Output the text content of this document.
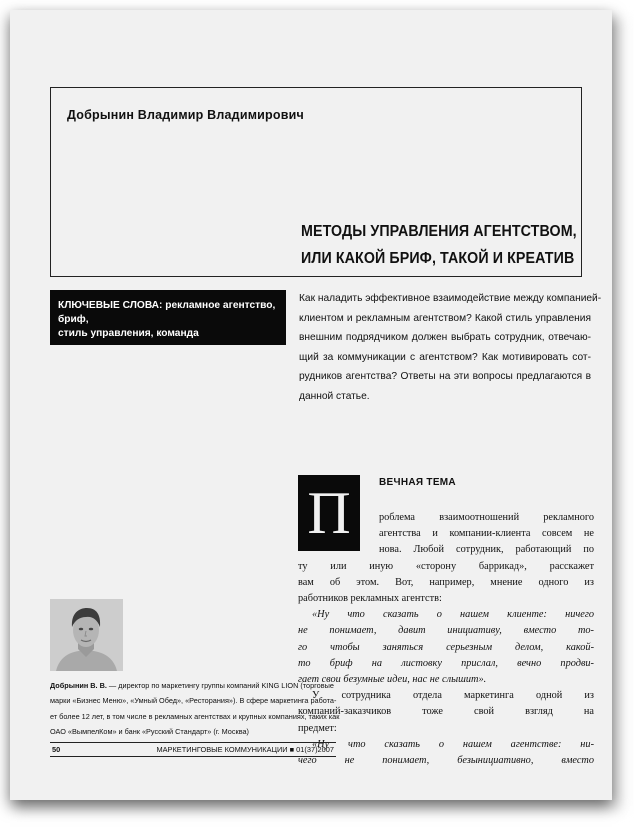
Добрынин Владимир Владимирович
МЕТОДЫ УПРАВЛЕНИЯ АГЕНТСТВОМ,
ИЛИ КАКОЙ БРИФ, ТАКОЙ И КРЕАТИВ
КЛЮЧЕВЫЕ СЛОВА: рекламное агентство, бриф,
стиль управления, команда
Как наладить эффективное взаимодействие между компанией-
клиентом и рекламным агентством? Какой стиль управления
внешним подрядчиком должен выбрать сотрудник, отвечаю-
щий за коммуникации с агентством? Как мотивировать сот-
рудников агентства? Ответы на эти вопросы предлагаются в
данной статье.
П	ВЕЧНАЯ ТЕМА
роблема взаимоотношений рекламного
агентства и компании-клиента совсем не
нова. Любой сотрудник, работающий по
ту или иную «сторону баррикад», расскажет
вам об этом. Вот, например, мнение одного из
работников рекламных агентств:
«Ну что сказать о нашем клиенте: ничего
не понимает, давит инициативу, вместо то-
го чтобы заняться серьезным делом, какой-
то бриф на листовку прислал, вечно продви-
гает свои безумные идеи, нас не слышит».
У сотрудника отдела маркетинга одной из
компаний-заказчиков тоже свой взгляд на
предмет:
«Ну что сказать о нашем агентстве: ни-
чего не понимает, безынициативно, вместо
Добрынин В. В. — директор по маркетингу группы компаний KING LION (торговые
марки «Бизнес Меню», «Умный Обед», «Ресторания»). В сфере маркетинга работа-
ет более 12 лет, в том числе в рекламных агентствах и крупных компаниях, таких как
ОАО «ВымпелКом» и банк «Русский Стандарт» (г. Москва)
50	МАРКЕТИНГОВЫЕ КОММУНИКАЦИИ ■ 01(37)2007
